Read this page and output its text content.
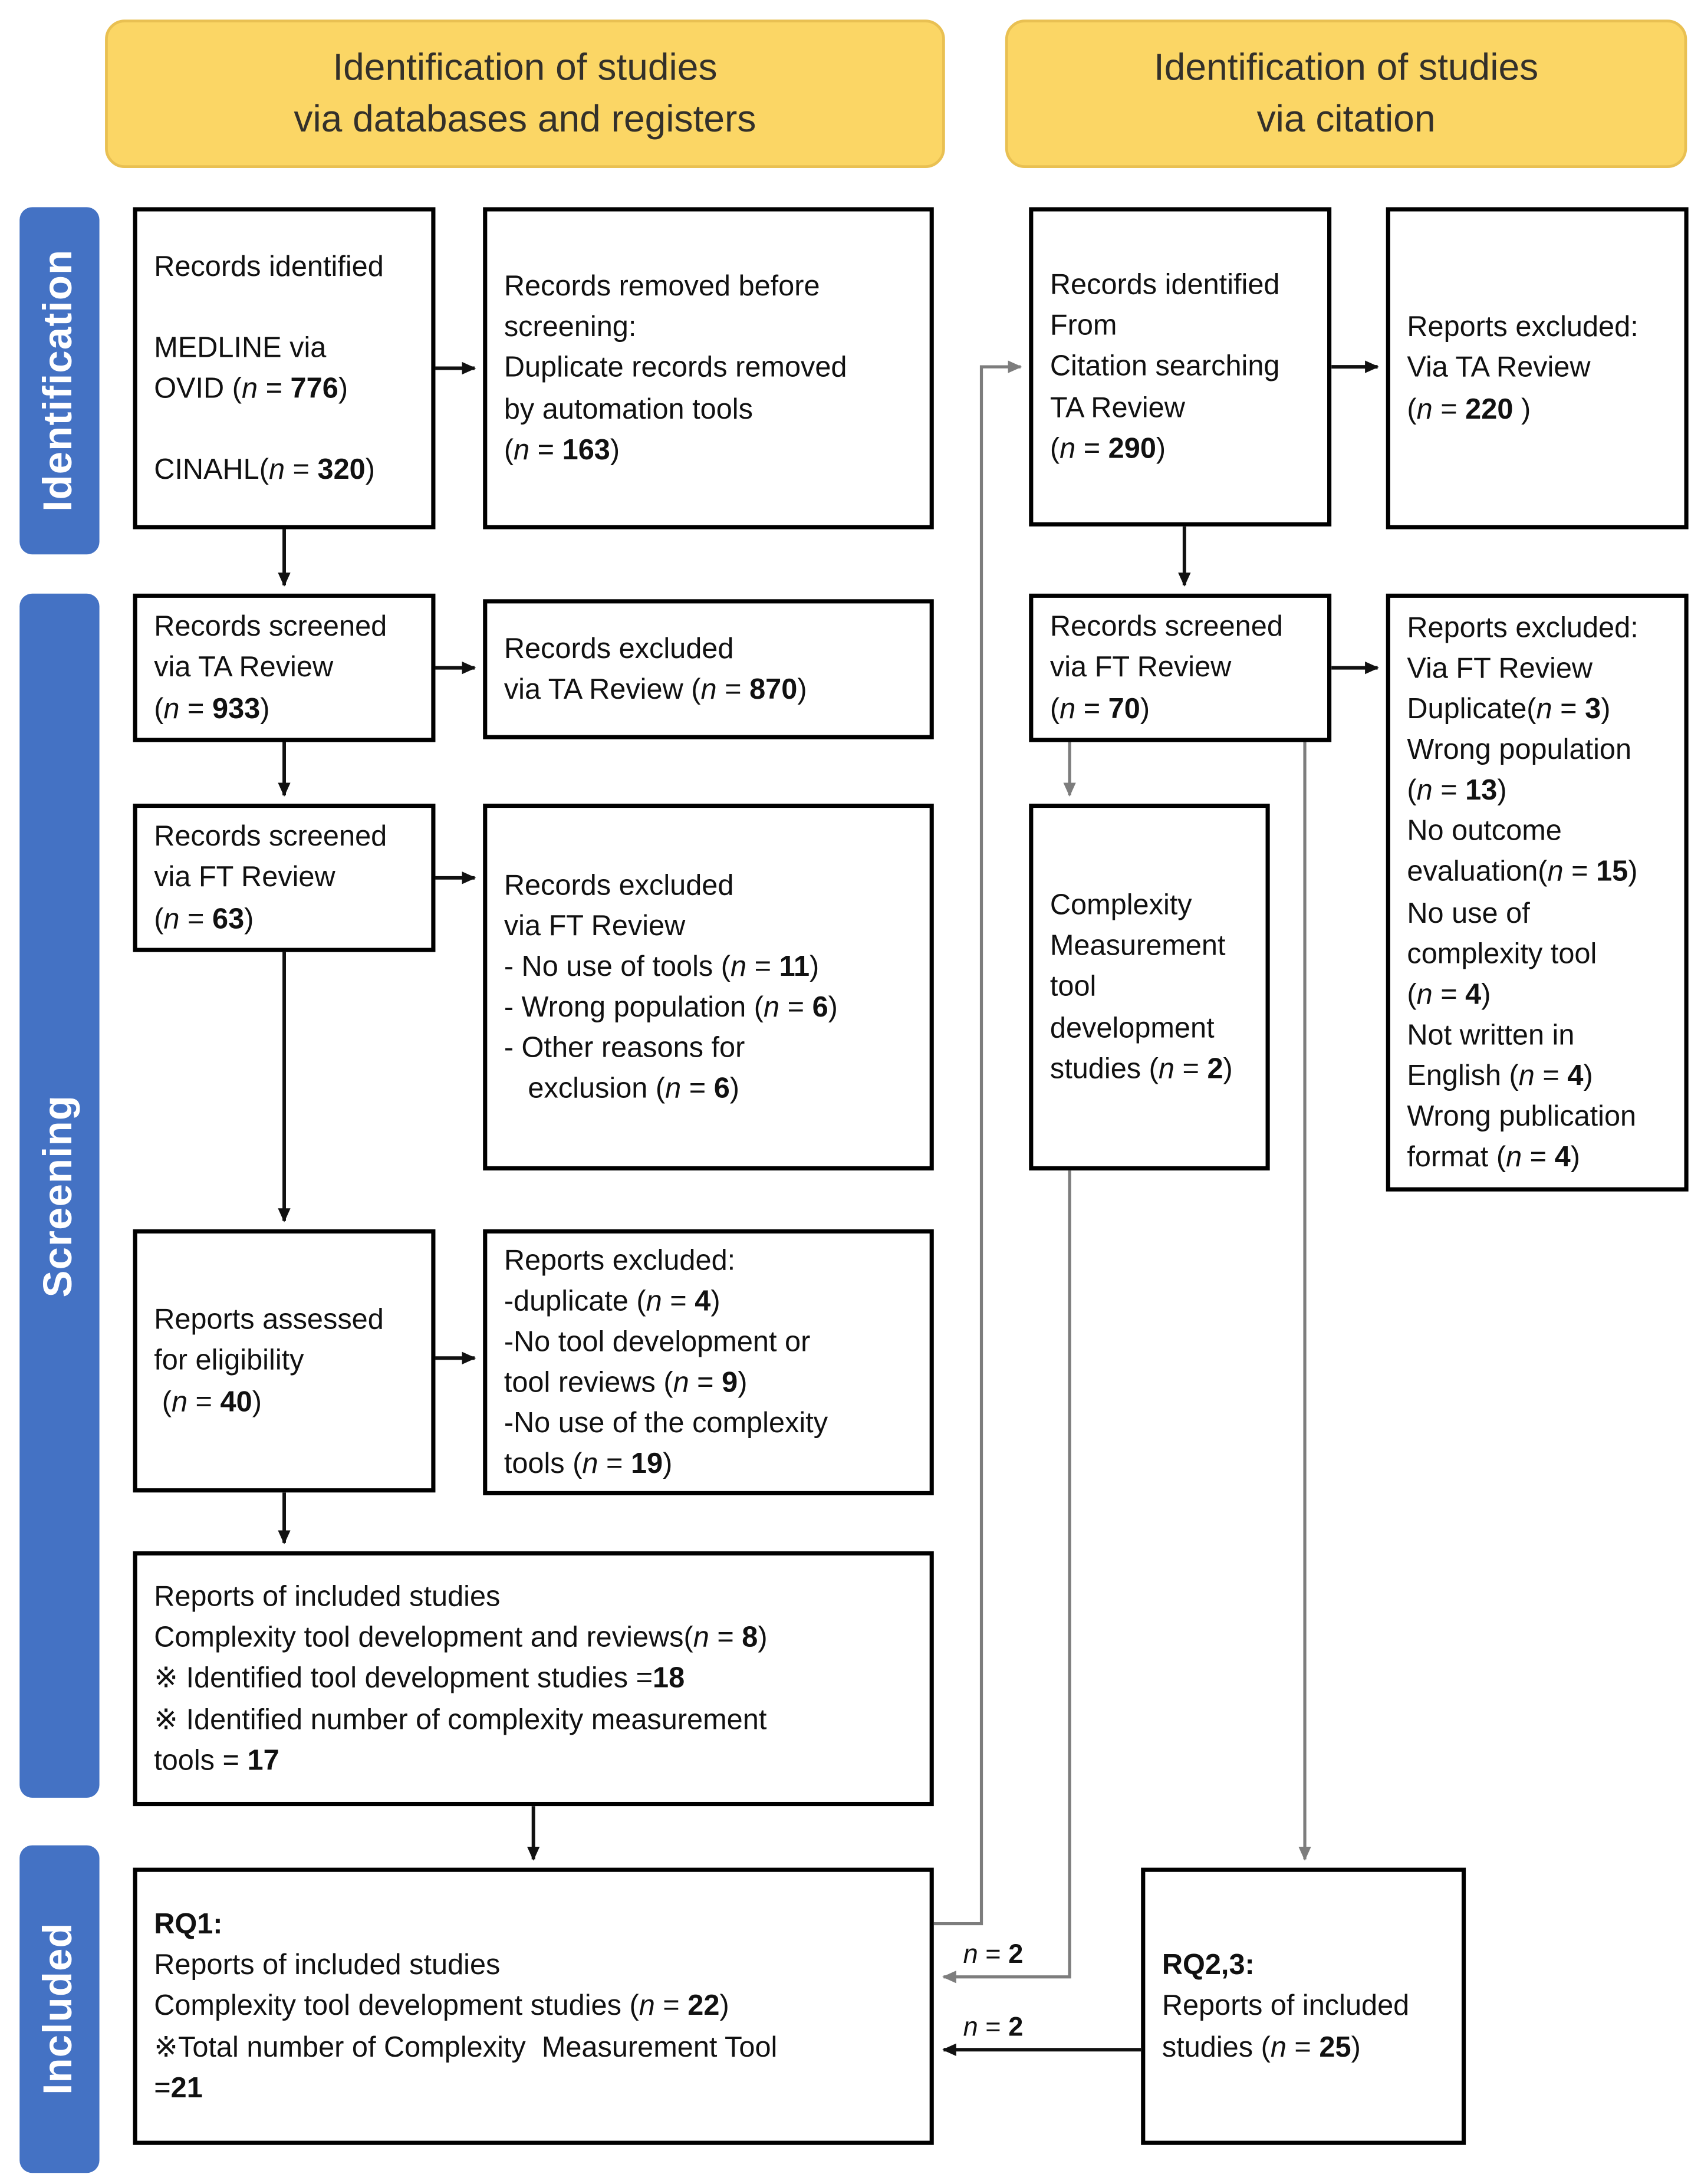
Identification of studies
via databases and registers
Identification of studies
via citation
Identification
Screening
Included
Records identified

MEDLINE via
OVID (n = 776)

CINAHL(n = 320)
Records screened
via TA Review
(n = 933)
Records screened
via FT Review
(n = 63)
Reports assessed
for eligibility
(n = 40)
Reports of included studies
Complexity tool development and reviews(n = 8)
※ Identified tool development studies =18
※ Identified number of complexity measurement
tools = 17
RQ1:
Reports of included studies
Complexity tool development studies (n = 22)
※Total number of Complexity  Measurement Tool
=21
Records removed before
screening:
Duplicate records removed
by automation tools
(n = 163)
Records excluded
via TA Review (n = 870)
Records excluded
via FT Review
- No use of tools (n = 11)
- Wrong population (n = 6)
- Other reasons for
exclusion (n = 6)
Reports excluded:
-duplicate (n = 4)
-No tool development or
tool reviews (n = 9)
-No use of the complexity
tools (n = 19)
Records identified
From
Citation searching
TA Review
(n = 290)
Records screened
via FT Review
(n = 70)
Complexity
Measurement
tool
development
studies (n = 2)
RQ2,3:
Reports of included
studies (n = 25)
Reports excluded:
Via TA Review
(n = 220 )
Reports excluded:
Via FT Review
Duplicate(n = 3)
Wrong population
(n = 13)
No outcome
evaluation(n = 15)
No use of
complexity tool
(n = 4)
Not written in
English (n = 4)
Wrong publication
format (n = 4)
n = 2
n = 2
